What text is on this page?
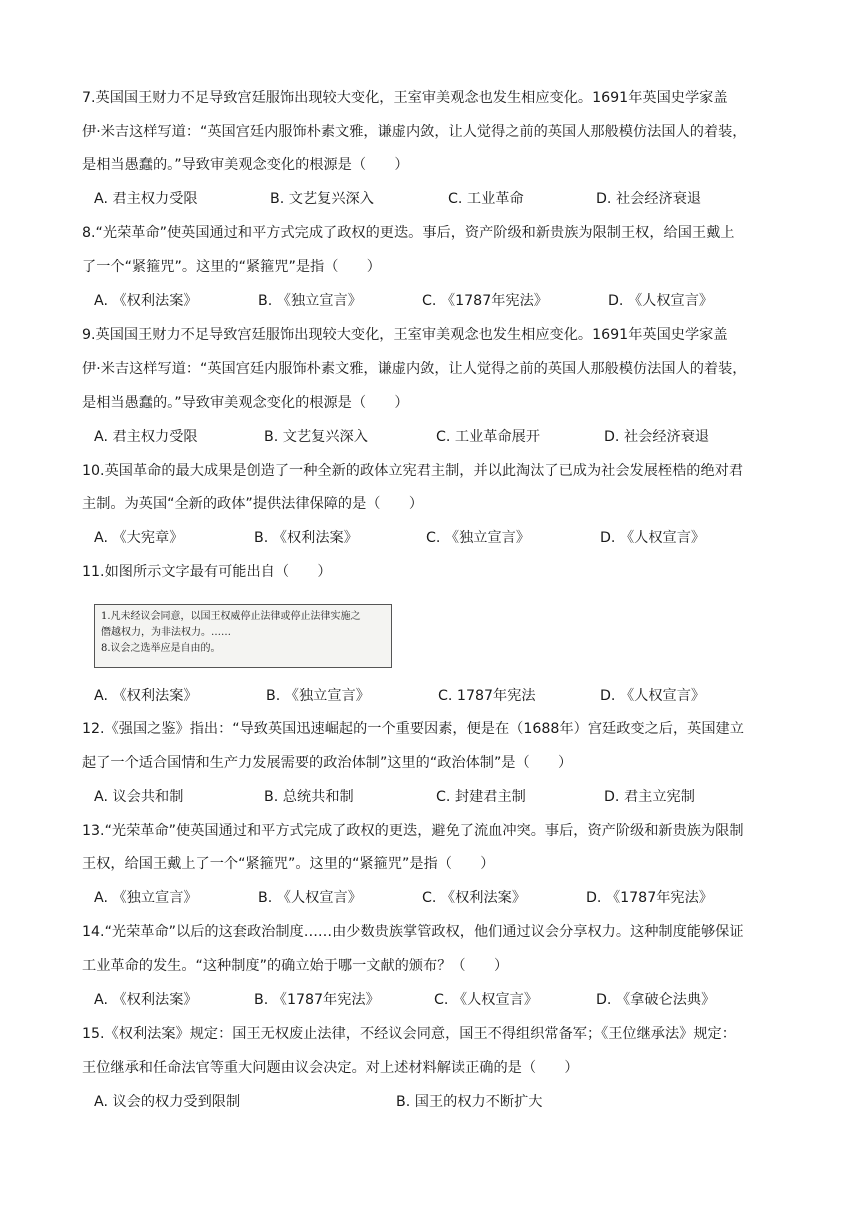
7.英国国王财力不足导致宫廷服饰出现较大变化，王室审美观念也发生相应变化。1691年英国史学家盖
伊·米吉这样写道：“英国宫廷内服饰朴素文雅，谦虚内敛，让人觉得之前的英国人那般模仿法国人的着装，
是相当愚蠢的。”导致审美观念变化的根源是（　　）
A. 君主权力受限	B. 文艺复兴深入	C. 工业革命	D. 社会经济衰退
8.“光荣革命”使英国通过和平方式完成了政权的更迭。事后，资产阶级和新贵族为限制王权，给国王戴上
了一个“紧箍咒”。这里的“紧箍咒”是指（　　）
A. 《权利法案》	B. 《独立宣言》	C. 《1787年宪法》	D. 《人权宣言》
9.英国国王财力不足导致宫廷服饰出现较大变化，王室审美观念也发生相应变化。1691年英国史学家盖
伊·米吉这样写道：“英国宫廷内服饰朴素文雅，谦虚内敛，让人觉得之前的英国人那般模仿法国人的着装，
是相当愚蠢的。”导致审美观念变化的根源是（　　）
A. 君主权力受限	B. 文艺复兴深入	C. 工业革命展开	D. 社会经济衰退
10.英国革命的最大成果是创造了一种全新的政体立宪君主制，并以此淘汰了已成为社会发展桎梏的绝对君
主制。为英国“全新的政体”提供法律保障的是（　　）
A. 《大宪章》	B. 《权利法案》	C. 《独立宣言》	D. 《人权宣言》
11.如图所示文字最有可能出自（　　）
1.凡未经议会同意，以国王权威停止法律或停止法律实施之
僭越权力，为非法权力。……
8.议会之选举应是自由的。
A. 《权利法案》	B. 《独立宣言》	C. 1787年宪法	D. 《人权宣言》
12.《强国之鉴》指出：“导致英国迅速崛起的一个重要因素，便是在（1688年）宫廷政变之后，英国建立
起了一个适合国情和生产力发展需要的政治体制”这里的“政治体制”是（　　）
A. 议会共和制	B. 总统共和制	C. 封建君主制	D. 君主立宪制
13.“光荣革命”使英国通过和平方式完成了政权的更迭，避免了流血冲突。事后，资产阶级和新贵族为限制
王权，给国王戴上了一个“紧箍咒”。这里的“紧箍咒”是指（　　）
A. 《独立宣言》	B. 《人权宣言》	C. 《权利法案》	D. 《1787年宪法》
14.“光荣革命”以后的这套政治制度……由少数贵族掌管政权，他们通过议会分享权力。这种制度能够保证
工业革命的发生。“这种制度”的确立始于哪一文献的颁布？（　　）
A. 《权利法案》	B. 《1787年宪法》	C. 《人权宣言》	D. 《拿破仑法典》
15.《权利法案》规定：国王无权废止法律，不经议会同意，国王不得组织常备军；《王位继承法》规定：
王位继承和任命法官等重大问题由议会决定。对上述材料解读正确的是（　　）
A. 议会的权力受到限制	B. 国王的权力不断扩大
